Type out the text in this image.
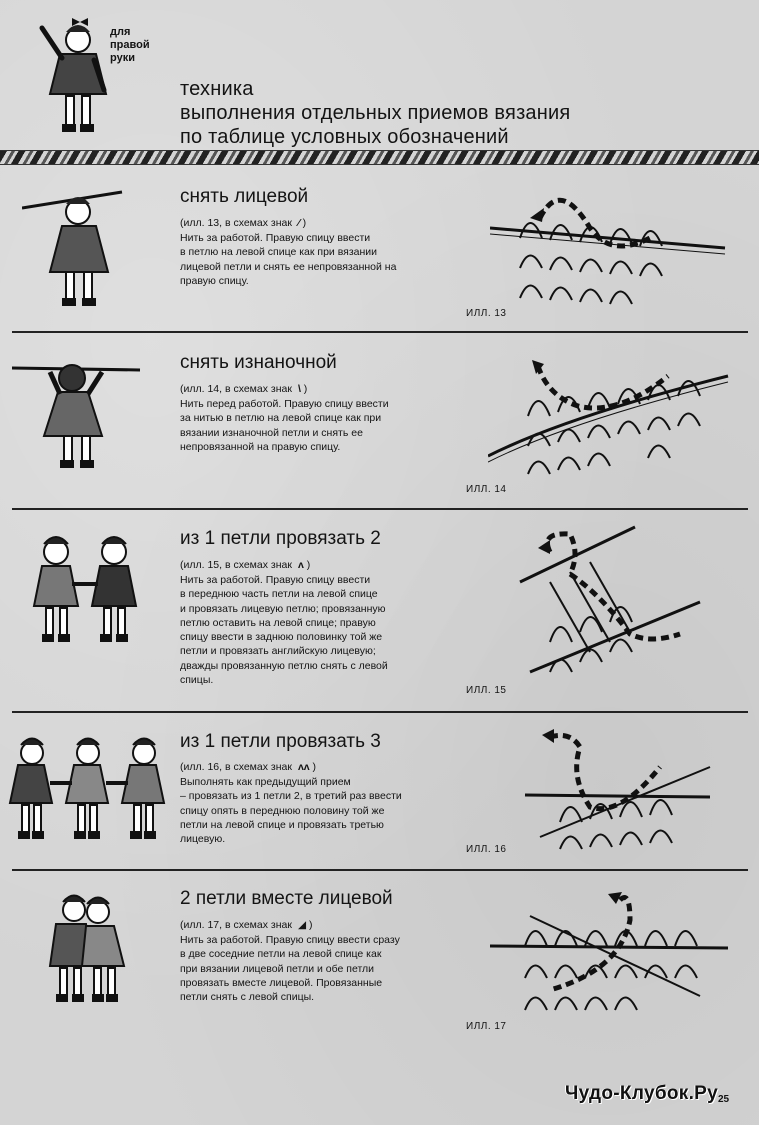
для правой руки
техника
выполнения отдельных приемов вязания
по таблице условных обозначений
снять лицевой
(илл. 13, в схемах знак ⁄ )
Нить за работой. Правую спицу ввести
в петлю на левой спице как при вязании
лицевой петли и снять ее непровязанной на
правую спицу.
ИЛЛ. 13
снять изнаночной
(илл. 14, в схемах знак \ )
Нить перед работой. Правую спицу ввести
за нитью в петлю на левой спице как при
вязании изнаночной петли и снять ее
непровязанной на правую спицу.
ИЛЛ. 14
из 1 петли провязать 2
(илл. 15, в схемах знак ᴧ )
Нить за работой. Правую спицу ввести
в переднюю часть петли на левой спице
и провязать лицевую петлю; провязанную
петлю оставить на левой спице; правую
спицу ввести в заднюю половинку той же
петли и провязать английскую лицевую;
дважды провязанную петлю снять с левой
спицы.
ИЛЛ. 15
из 1 петли провязать 3
(илл. 16, в схемах знак ʌʌ )
Выполнять как предыдущий прием
– провязать из 1 петли 2, в третий раз ввести
спицу опять в переднюю половину той же
петли на левой спице и провязать третью
лицевую.
ИЛЛ. 16
2 петли вместе лицевой
(илл. 17, в схемах знак ◢ )
Нить за работой. Правую спицу ввести сразу
в две соседние петли на левой спице как
при вязании лицевой петли и обе петли
провязать вместе лицевой. Провязанные
петли снять с левой спицы.
ИЛЛ. 17
Чудо-Клубок.Ру 25
